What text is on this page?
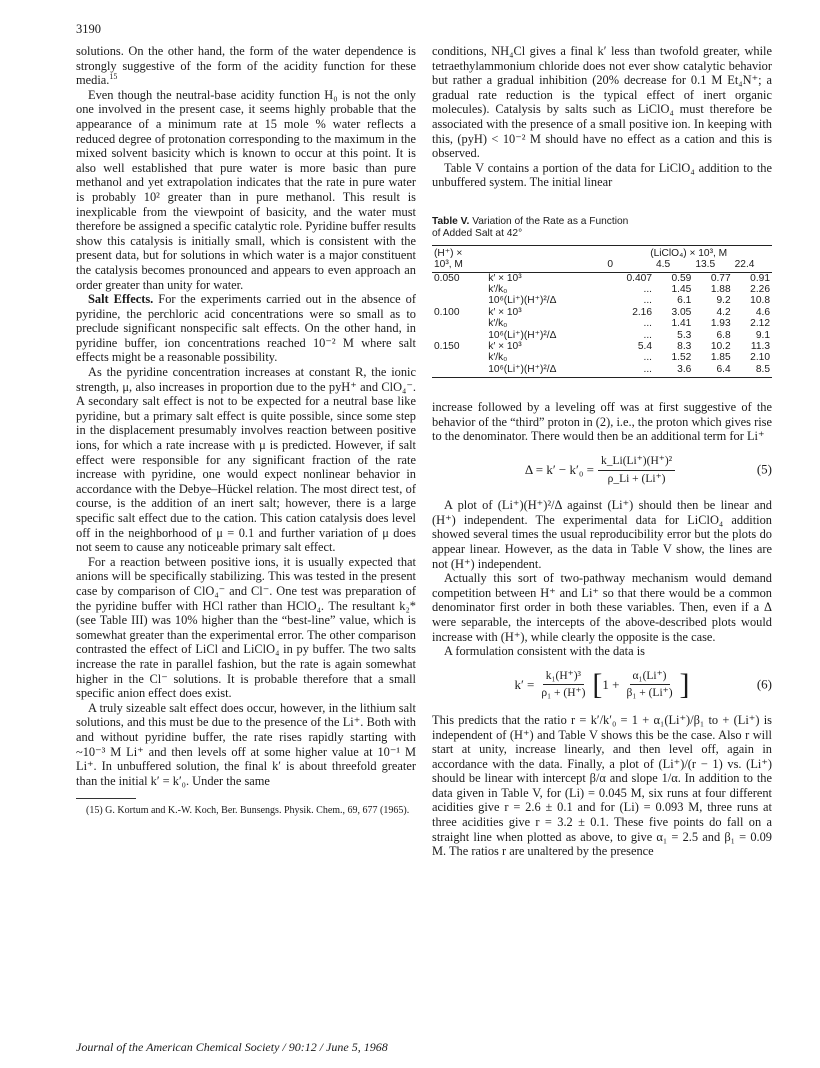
3190

solutions. On the other hand, the form of the water dependence is strongly suggestive of the form of the acidity function for these media.$^{15}$

Even though the neutral-base acidity function H₀ is not the only one involved in the present case, it seems highly probable that the appearance of a minimum rate at 15 mole % water reflects a reduced degree of protonation corresponding to the maximum in the mixed solvent basicity which is known to occur at this point. It is also well established that pure water is more basic than pure methanol and yet extrapolation indicates that the rate in pure water is probably 10² greater than in pure methanol. This result is inexplicable from the viewpoint of basicity, and the water must therefore be assigned a specific catalytic role. Pyridine buffer results show this catalysis is initially small, which is consistent with the present data, but for solutions in which water is a major constituent the catalysis becomes pronounced and appears to even approach an order greater than unity for water.

Salt Effects. For the experiments carried out in the absence of pyridine, the perchloric acid concentrations were so small as to preclude significant nonspecific salt effects. On the other hand, in pyridine buffer, ion concentrations reached 10⁻² M where salt effects might be a reasonable possibility.

As the pyridine concentration increases at constant R, the ionic strength, μ, also increases in proportion due to the pyH⁺ and ClO₄⁻. A secondary salt effect is not to be expected for a neutral base like pyridine, but a primary salt effect is quite possible, since some step in the displacement presumably involves reaction between positive ions, for which a rate increase with μ is predicted. However, if salt effect were responsible for any significant fraction of the rate increase with pyridine, one would expect nonlinear behavior in accordance with the Debye–Hückel relation. The most direct test, of course, is the addition of an inert salt; however, there is a large specific salt effect due to the cation. This cation catalysis does level off in the neighborhood of μ = 0.1 and further variation of μ does not seem to cause any noticeable primary salt effect.

For a reaction between positive ions, it is usually expected that anions will be specifically stabilizing. This was tested in the present case by comparison of ClO₄⁻ and Cl⁻. One test was preparation of the pyridine buffer with HCl rather than HClO₄. The resultant k₂* (see Table III) was 10% higher than the “best-line” value, which is somewhat greater than the experimental error. The other comparison contrasted the effect of LiCl and LiClO₄ in py buffer. The two salts increase the rate in parallel fashion, but the rate is again somewhat higher in the Cl⁻ solutions. It is probable therefore that a small specific anion effect does exist.

A truly sizeable salt effect does occur, however, in the lithium salt solutions, and this must be due to the presence of the Li⁺. Both with and without pyridine buffer, the rate rises rapidly starting with ~10⁻³ M Li⁺ and then levels off at some higher value at 10⁻¹ M Li⁺. In unbuffered solution, the final k′ is about threefold greater than the initial k′ = k′₀. Under the same

(15) G. Kortum and K.-W. Koch, Ber. Bunsengs. Physik. Chem., 69, 677 (1965).

conditions, NH₄Cl gives a final k′ less than twofold greater, while tetraethylammonium chloride does not ever show catalytic behavior but rather a gradual inhibition (20% decrease for 0.1 M Et₄N⁺; a gradual rate reduction is the typical effect of inert organic molecules). Catalysis by salts such as LiClO₄ must therefore be associated with the presence of a small positive ion. In keeping with this, (pyH) < 10⁻² M should have no effect as a cation and this is observed.

Table V contains a portion of the data for LiClO₄ addition to the unbuffered system. The initial linear

Table V. Variation of the Rate as a Function
of Added Salt at 42°

(H⁺) ×		(LiClO₄) × 10³, M			
10³, M		0	4.5	13.5	22.4
0.050	k′ × 10³	0.407	0.59	0.77	0.91
	k′/k₀	...	1.45	1.88	2.26
	10⁶(Li⁺)(H⁺)²/Δ	...	6.1	9.2	10.8
0.100	k′ × 10³	2.16	3.05	4.2	4.6
	k′/k₀	...	1.41	1.93	2.12
	10⁶(Li⁺)(H⁺)²/Δ	...	5.3	6.8	9.1
0.150	k′ × 10³	5.4	8.3	10.2	11.3
	k′/k₀	...	1.52	1.85	2.10
	10⁶(Li⁺)(H⁺)²/Δ	...	3.6	6.4	8.5

increase followed by a leveling off was at first suggestive of the behavior of the “third” proton in (2), i.e., the proton which gives rise to the denominator. There would then be an additional term for Li⁺

$\Delta = k' - k'_0 = \frac{\text{k\_Li(Li⁺)(H⁺)²}}{\rho\_Li + (Li^+)}$	(5)

A plot of (Li⁺)(H⁺)²/Δ against (Li⁺) should then be linear and (H⁺) independent. The experimental data for LiClO₄ addition showed several times the usual reproducibility error but the plots do appear linear. However, as the data in Table V show, the lines are not (H⁺) independent.

Actually this sort of two-pathway mechanism would demand competition between H⁺ and Li⁺ so that there would be a common denominator first order in both these variables. Then, even if a Δ were separable, the intercepts of the above-described plots would increase with (H⁺), while clearly the opposite is the case.

A formulation consistent with the data is

$k' = \frac{\text{k₁(H⁺)³}}{\text{ρ₁ + (H⁺)}}$ [ $1 + \frac{\text{α₁(Li⁺)}}{\text{β₁ + (Li⁺)}}$ ]	(6)

This predicts that the ratio r = k′/k′₀ = 1 + α₁(Li⁺)/β₁ to + (Li⁺) is independent of (H⁺) and Table V shows this be the case. Also r will start at unity, increase linearly, and then level off, again in accordance with the data. Finally, a plot of (Li⁺)/(r − 1) vs. (Li⁺) should be linear with intercept β/α and slope 1/α. In addition to the data given in Table V, for (Li) = 0.045 M, six runs at four different acidities give r = 2.6 ± 0.1 and for (Li) = 0.093 M, three runs at three acidities give r = 3.2 ± 0.1. These five points do fall on a straight line when plotted as above, to give α₁ = 2.5 and β₁ = 0.09 M. The ratios r are unaltered by the presence

Journal of the American Chemical Society / 90:12 / June 5, 1968
